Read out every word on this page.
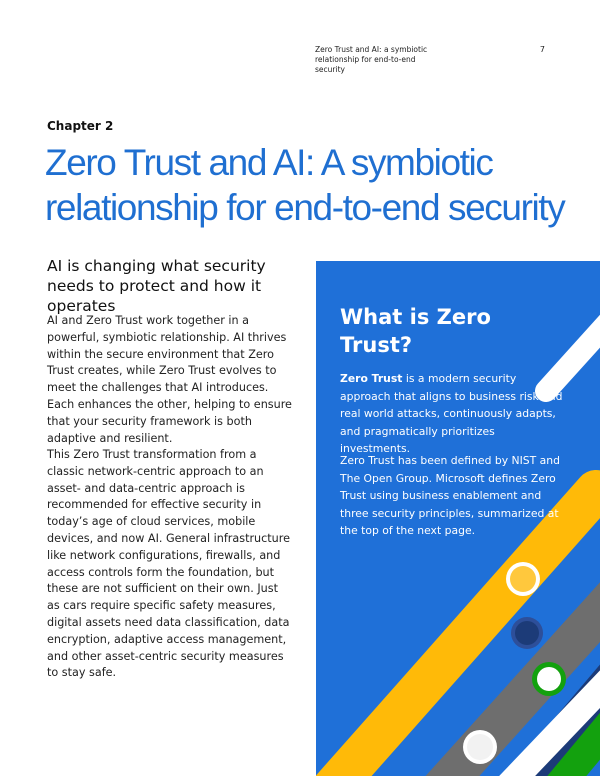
Zero Trust and AI: a symbiotic relationship for end-to-end security
7
Chapter 2
Zero Trust and AI: A symbiotic relationship for end-to-end security
AI is changing what security needs to protect and how it operates
AI and Zero Trust work together in a powerful, symbiotic relationship. AI thrives within the secure environment that Zero Trust creates, while Zero Trust evolves to meet the challenges that AI introduces. Each enhances the other, helping to ensure that your security framework is both adaptive and resilient.
This Zero Trust transformation from a classic network-centric approach to an asset- and data-centric approach is recommended for effective security in today’s age of cloud services, mobile devices, and now AI. General infrastructure like network configurations, firewalls, and access controls form the foundation, but these are not sufficient on their own. Just as cars require specific safety measures, digital assets need data classification, data encryption, adaptive access management, and other asset-centric security measures to stay safe.
What is Zero Trust?
Zero Trust is a modern security approach that aligns to business risk and real world attacks, continuously adapts, and pragmatically prioritizes investments.
Zero Trust has been defined by NIST and The Open Group. Microsoft defines Zero Trust using business enablement and three security principles, summarized at the top of the next page.
